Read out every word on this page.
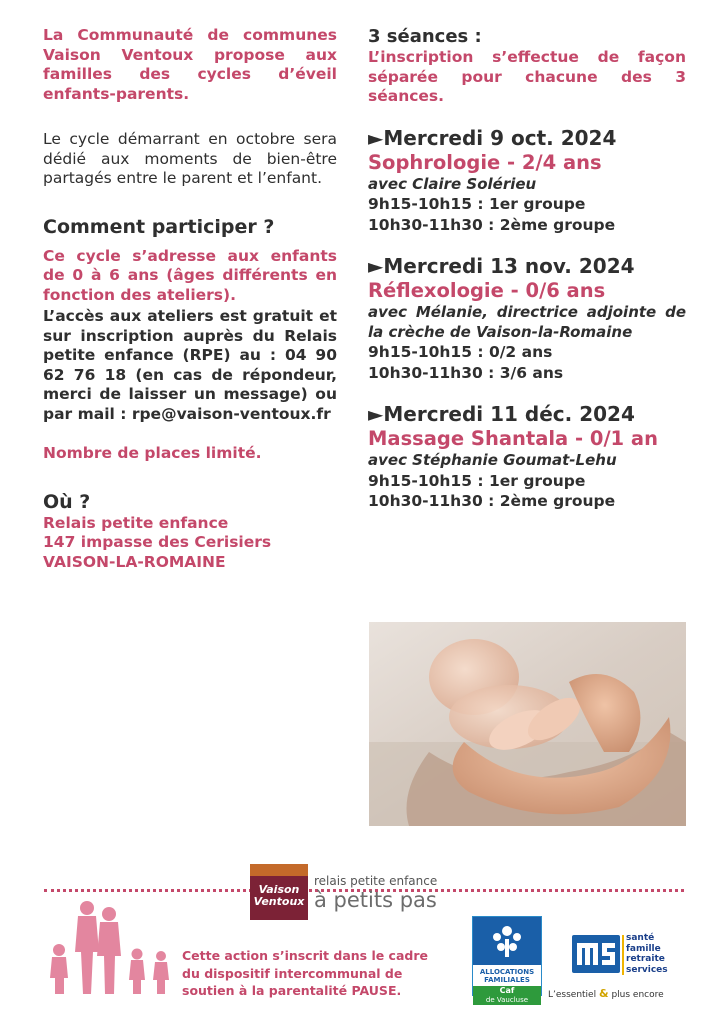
La Communauté de communes Vaison Ventoux propose aux familles des cycles d’éveil enfants-parents.

Le cycle démarrant en octobre sera dédié aux moments de bien-être partagés entre le parent et l’enfant.

Comment participer ?

Ce cycle s’adresse aux enfants de 0 à 6 ans (âges différents en fonction des ateliers).

L’accès aux ateliers est gratuit et sur inscription auprès du Relais petite enfance (RPE) au : 04 90 62 76 18 (en cas de répondeur, merci de laisser un message) ou par mail : rpe@vaison-ventoux.fr

Nombre de places limité.

Où ?

Relais petite enfance

147 impasse des Cerisiers

VAISON-LA-ROMAINE

3 séances :

L’inscription s’effectue de façon séparée pour chacune des 3 séances.

►Mercredi 9 oct. 2024
Sophrologie - 2/4 ans
avec Claire Solérieu
9h15-10h15 : 1er groupe
10h30-11h30 : 2ème groupe
►Mercredi 13 nov. 2024
Réflexologie - 0/6 ans
avec Mélanie, directrice adjointe de la crèche de Vaison-la-Romaine
9h15-10h15 : 0/2 ans
10h30-11h30 : 3/6 ans
►Mercredi 11 déc. 2024
Massage Shantala - 0/1 an
avec Stéphanie Goumat-Lehu
9h15-10h15 : 1er groupe
10h30-11h30 : 2ème groupe
Vaison
Ventoux
relais petite enfance
à petits pas
Cette action s’inscrit dans le cadre du dispositif intercommunal de soutien à la parentalité PAUSE.
ALLOCATIONS
FAMILIALES
Caf
de Vaucluse
santé
famille
retraite
services
L’essentiel & plus encore
